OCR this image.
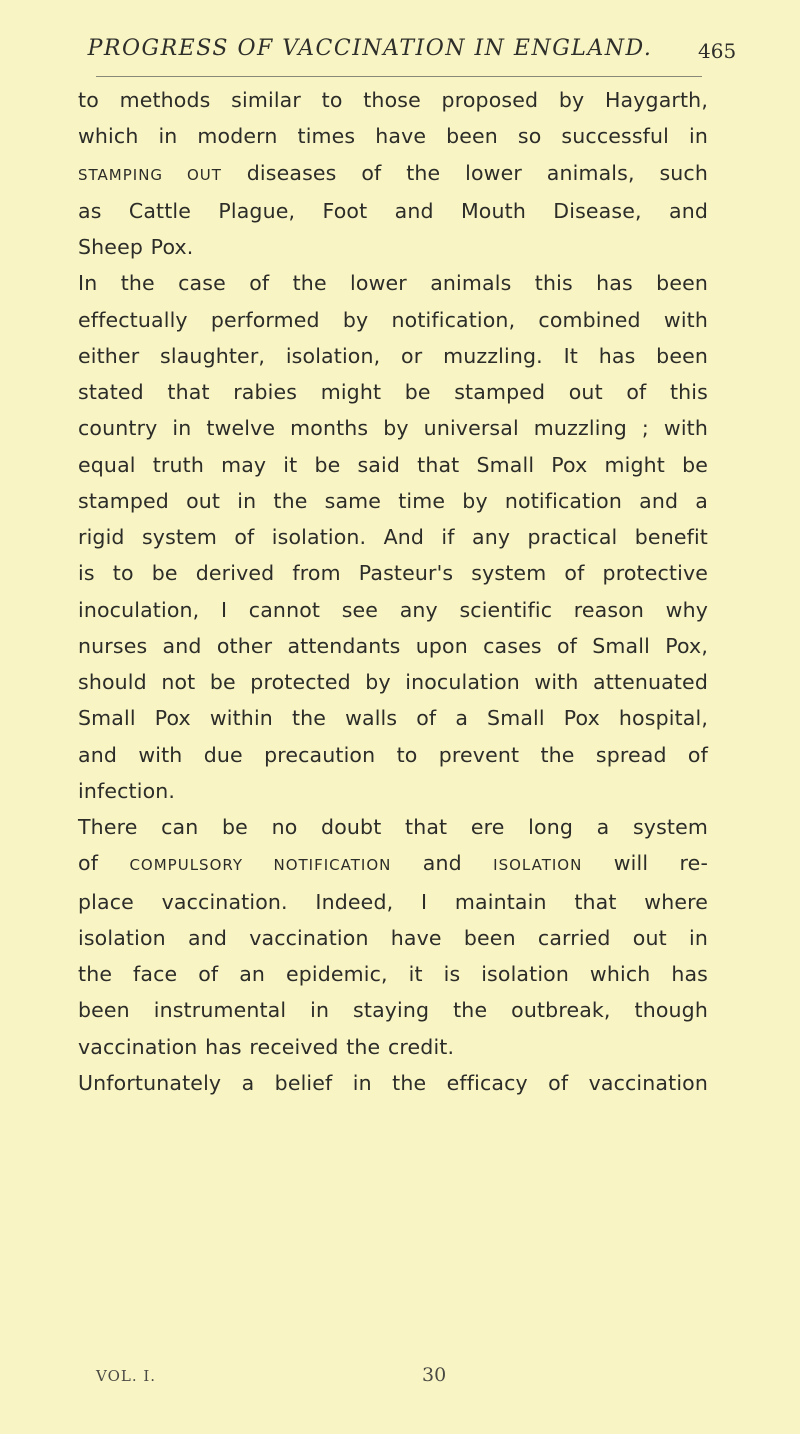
PROGRESS OF VACCINATION IN ENGLAND.	465

to methods similar to those proposed by Haygarth,

which in modern times have been so successful in

STAMPING OUT diseases of the lower animals, such

as Cattle Plague, Foot and Mouth Disease, and

Sheep Pox.

In the case of the lower animals this has been

effectually performed by notification, combined with

either slaughter, isolation, or muzzling. It has been

stated that rabies might be stamped out of this

country in twelve months by universal muzzling ; with

equal truth may it be said that Small Pox might be

stamped out in the same time by notification and a

rigid system of isolation. And if any practical benefit

is to be derived from Pasteur's system of protective

inoculation, I cannot see any scientific reason why

nurses and other attendants upon cases of Small Pox,

should not be protected by inoculation with attenuated

Small Pox within the walls of a Small Pox hospital,

and with due precaution to prevent the spread of

infection.

There can be no doubt that ere long a system

of COMPULSORY NOTIFICATION and ISOLATION will re-

place vaccination. Indeed, I maintain that where

isolation and vaccination have been carried out in

the face of an epidemic, it is isolation which has

been instrumental in staying the outbreak, though

vaccination has received the credit.

Unfortunately a belief in the efficacy of vaccination

VOL. I.	30
